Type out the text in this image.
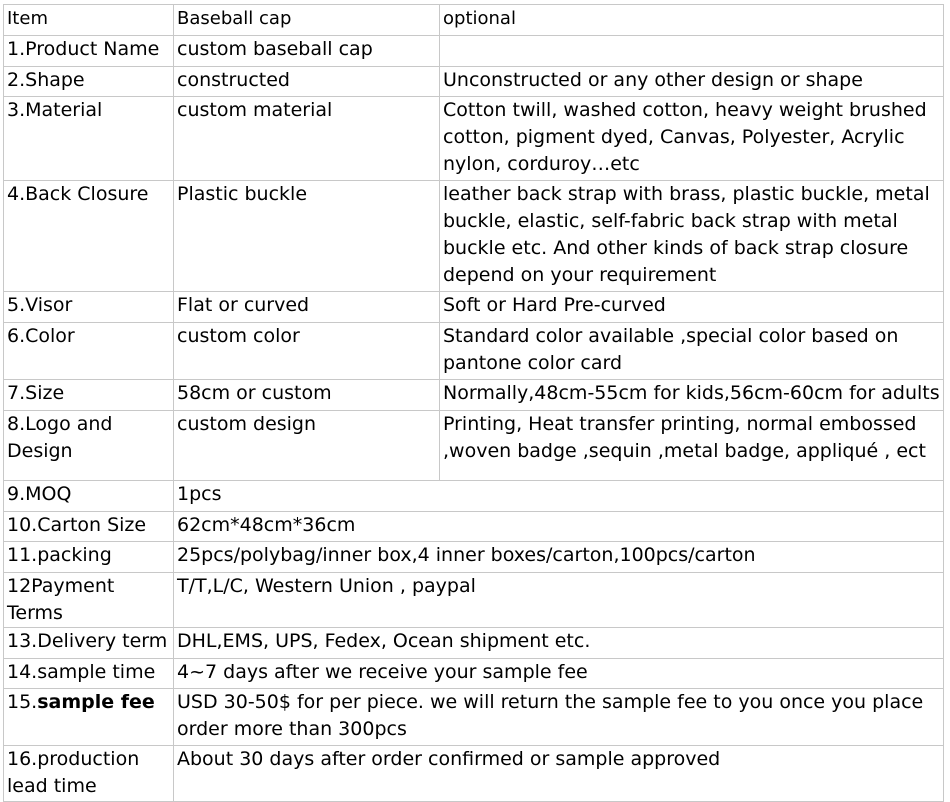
Item	Baseball cap	optional
1.Product Name	custom baseball cap	
2.Shape	constructed	Unconstructed or any other design or shape
3.Material	custom material	Cotton twill, washed cotton, heavy weight brushed cotton, pigment dyed, Canvas, Polyester, Acrylic nylon, corduroy…etc
4.Back Closure	Plastic buckle	leather back strap with brass, plastic buckle, metal buckle, elastic, self-fabric back strap with metal buckle etc. And other kinds of back strap closure depend on your requirement
5.Visor	Flat or curved	Soft or Hard Pre-curved
6.Color	custom color	Standard color available ,special color based on pantone color card
7.Size	58cm or custom	Normally,48cm-55cm for kids,56cm-60cm for adults
8.Logo and Design	custom design	Printing, Heat transfer printing, normal embossed ,woven badge ,sequin ,metal badge, appliqué , ect
9.MOQ	1pcs	
10.Carton Size	62cm*48cm*36cm	
11.packing	25pcs/polybag/inner box,4 inner boxes/carton,100pcs/carton	
12Payment Terms	T/T,L/C, Western Union , paypal	
13.Delivery term	DHL,EMS, UPS, Fedex, Ocean shipment etc.	
14.sample time	4~7 days after we receive your sample fee	
15.sample fee	USD 30-50$ for per piece. we will return the sample fee to you once you place order more than 300pcs	
16.production lead time	About 30 days after order confirmed or sample approved	
